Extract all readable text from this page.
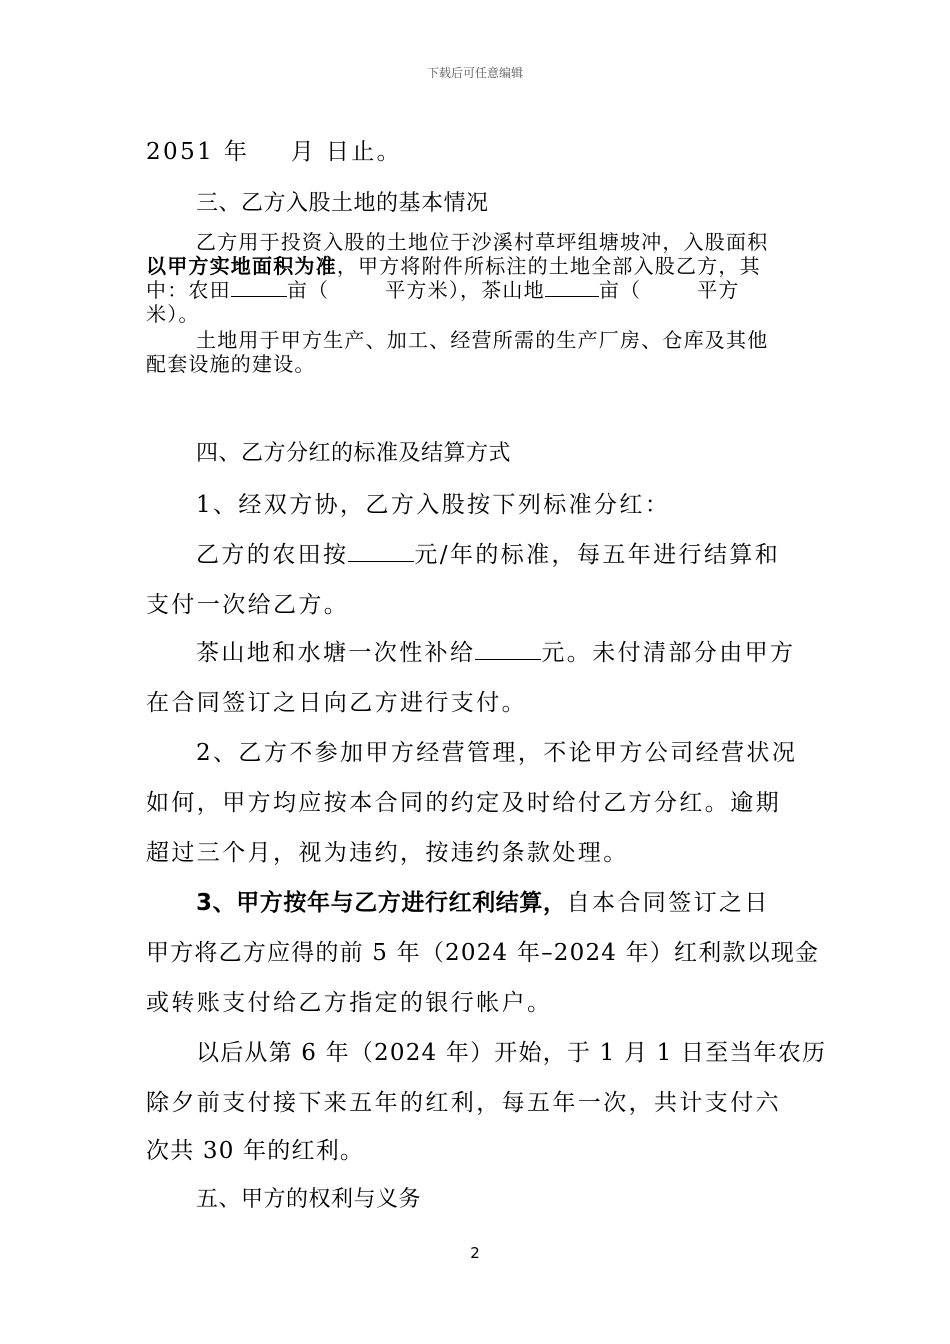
下载后可任意编辑
2051 年 月 日止。
三、乙方入股土地的基本情况
乙方用于投资入股的土地位于沙溪村草坪组塘坡冲，入股面积
以甲方实地面积为准，甲方将附件所标注的土地全部入股乙方，其
中：农田	亩（	平方米），茶山地	亩（	平方
米）。
土地用于甲方生产、加工、经营所需的生产厂房、仓库及其他
配套设施的建设。
四、乙方分红的标准及结算方式
1、经双方协，乙方入股按下列标准分红：
乙方的农田按	元/年的标准，每五年进行结算和
支付一次给乙方。
茶山地和水塘一次性补给	元。未付清部分由甲方
在合同签订之日向乙方进行支付。
2、乙方不参加甲方经营管理，不论甲方公司经营状况
如何，甲方均应按本合同的约定及时给付乙方分红。逾期
超过三个月，视为违约，按违约条款处理。
3、甲方按年与乙方进行红利结算，自本合同签订之日
甲方将乙方应得的前 5 年（2024 年–2024 年）红利款以现金
或转账支付给乙方指定的银行帐户。
以后从第 6 年（2024 年）开始，于 1 月 1 日至当年农历
除夕前支付接下来五年的红利，每五年一次，共计支付六
次共 30 年的红利。
五、甲方的权利与义务
2
